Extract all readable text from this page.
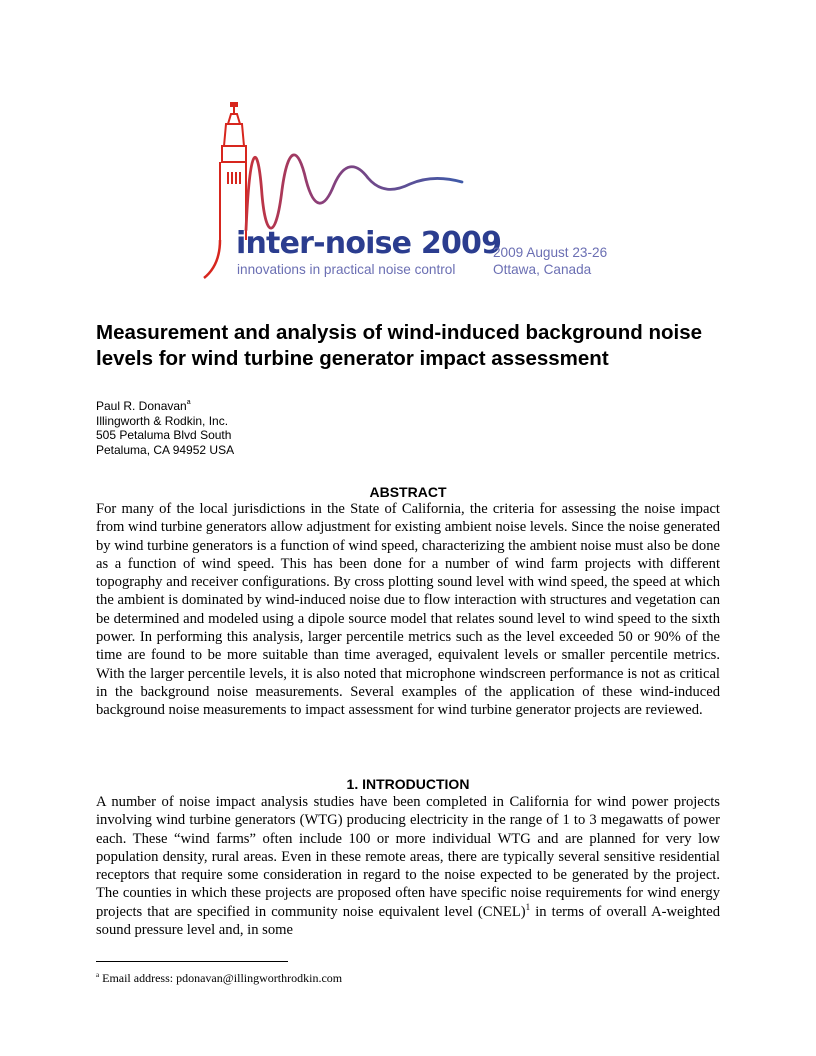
inter-noise 2009
innovations in practical noise control
2009 August 23-26
Ottawa, Canada
Measurement and analysis of wind-induced background noise levels for wind turbine generator impact assessment
Paul R. Donavan$^a$
Illingworth & Rodkin, Inc.
505 Petaluma Blvd South
Petaluma, CA 94952 USA
ABSTRACT
For many of the local jurisdictions in the State of California, the criteria for assessing the noise impact from wind turbine generators allow adjustment for existing ambient noise levels. Since the noise generated by wind turbine generators is a function of wind speed, characterizing the ambient noise must also be done as a function of wind speed. This has been done for a number of wind farm projects with different topography and receiver configurations. By cross plotting sound level with wind speed, the speed at which the ambient is dominated by wind-induced noise due to flow interaction with structures and vegetation can be determined and modeled using a dipole source model that relates sound level to wind speed to the sixth power. In performing this analysis, larger percentile metrics such as the level exceeded 50 or 90% of the time are found to be more suitable than time averaged, equivalent levels or smaller percentile metrics. With the larger percentile levels, it is also noted that microphone windscreen performance is not as critical in the background noise measurements. Several examples of the application of these wind-induced background noise measurements to impact assessment for wind turbine generator projects are reviewed.
1. INTRODUCTION
A number of noise impact analysis studies have been completed in California for wind power projects involving wind turbine generators (WTG) producing electricity in the range of 1 to 3 megawatts of power each. These “wind farms” often include 100 or more individual WTG and are planned for very low population density, rural areas. Even in these remote areas, there are typically several sensitive residential receptors that require some consideration in regard to the noise expected to be generated by the project. The counties in which these projects are proposed often have specific noise requirements for wind energy projects that are specified in community noise equivalent level (CNEL)$^1$ in terms of overall A-weighted sound pressure level and, in some
$^a$ Email address: pdonavan@illingworthrodkin.com
